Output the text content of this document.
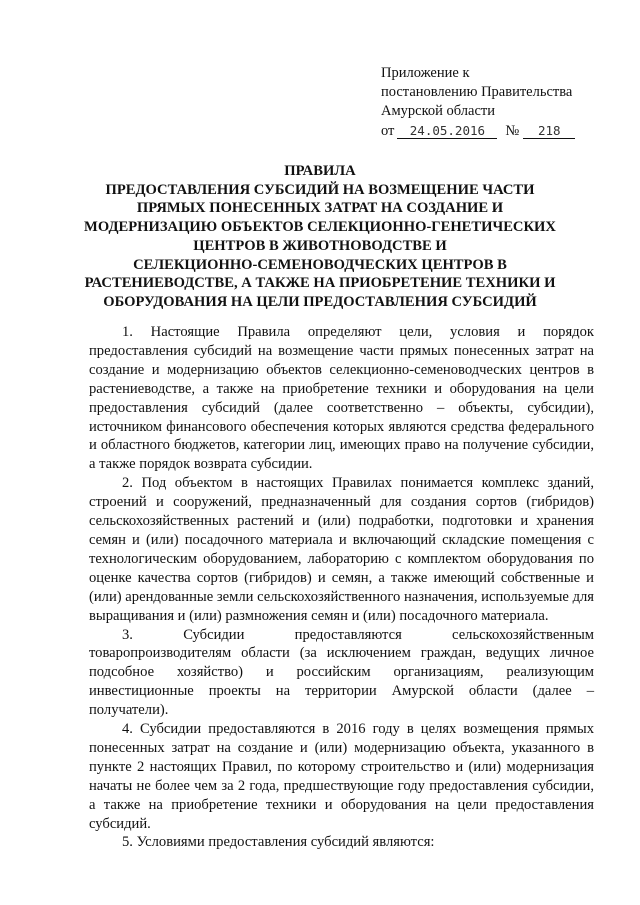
Приложение к
постановлению Правительства
Амурской области
от 24.05.2016 № 218
ПРАВИЛА
ПРЕДОСТАВЛЕНИЯ СУБСИДИЙ НА ВОЗМЕЩЕНИЕ ЧАСТИ
ПРЯМЫХ ПОНЕСЕННЫХ ЗАТРАТ НА СОЗДАНИЕ И
МОДЕРНИЗАЦИЮ ОБЪЕКТОВ СЕЛЕКЦИОННО-ГЕНЕТИЧЕСКИХ
ЦЕНТРОВ В ЖИВОТНОВОДСТВЕ И
СЕЛЕКЦИОННО-СЕМЕНОВОДЧЕСКИХ ЦЕНТРОВ В
РАСТЕНИЕВОДСТВЕ, А ТАКЖЕ НА ПРИОБРЕТЕНИЕ ТЕХНИКИ И
ОБОРУДОВАНИЯ НА ЦЕЛИ ПРЕДОСТАВЛЕНИЯ СУБСИДИЙ

1. Настоящие Правила определяют цели, условия и порядок предоставления субсидий на возмещение части прямых понесенных затрат на создание и модернизацию объектов селекционно-семеноводческих центров в растениеводстве, а также на приобретение техники и оборудования на цели предоставления субсидий (далее соответственно – объекты, субсидии), источником финансового обеспечения которых являются средства федерального и областного бюджетов, категории лиц, имеющих право на получение субсидии, а также порядок возврата субсидии.

2. Под объектом в настоящих Правилах понимается комплекс зданий, строений и сооружений, предназначенный для создания сортов (гибридов) сельскохозяйственных растений и (или) подработки, подготовки и хранения семян и (или) посадочного материала и включающий складские помещения с технологическим оборудованием, лабораторию с комплектом оборудования по оценке качества сортов (гибридов) и семян, а также имеющий собственные и (или) арендованные земли сельскохозяйственного назначения, используемые для выращивания и (или) размножения семян и (или) посадочного материала.

3. Субсидии предоставляются сельскохозяйственным товаропроизводителям области (за исключением граждан, ведущих личное подсобное хозяйство) и российским организациям, реализующим инвестиционные проекты на территории Амурской области (далее – получатели).

4. Субсидии предоставляются в 2016 году в целях возмещения прямых понесенных затрат на создание и (или) модернизацию объекта, указанного в пункте 2 настоящих Правил, по которому строительство и (или) модернизация начаты не более чем за 2 года, предшествующие году предоставления субсидии, а также на приобретение техники и оборудования на цели предоставления субсидий.

5. Условиями предоставления субсидий являются:
